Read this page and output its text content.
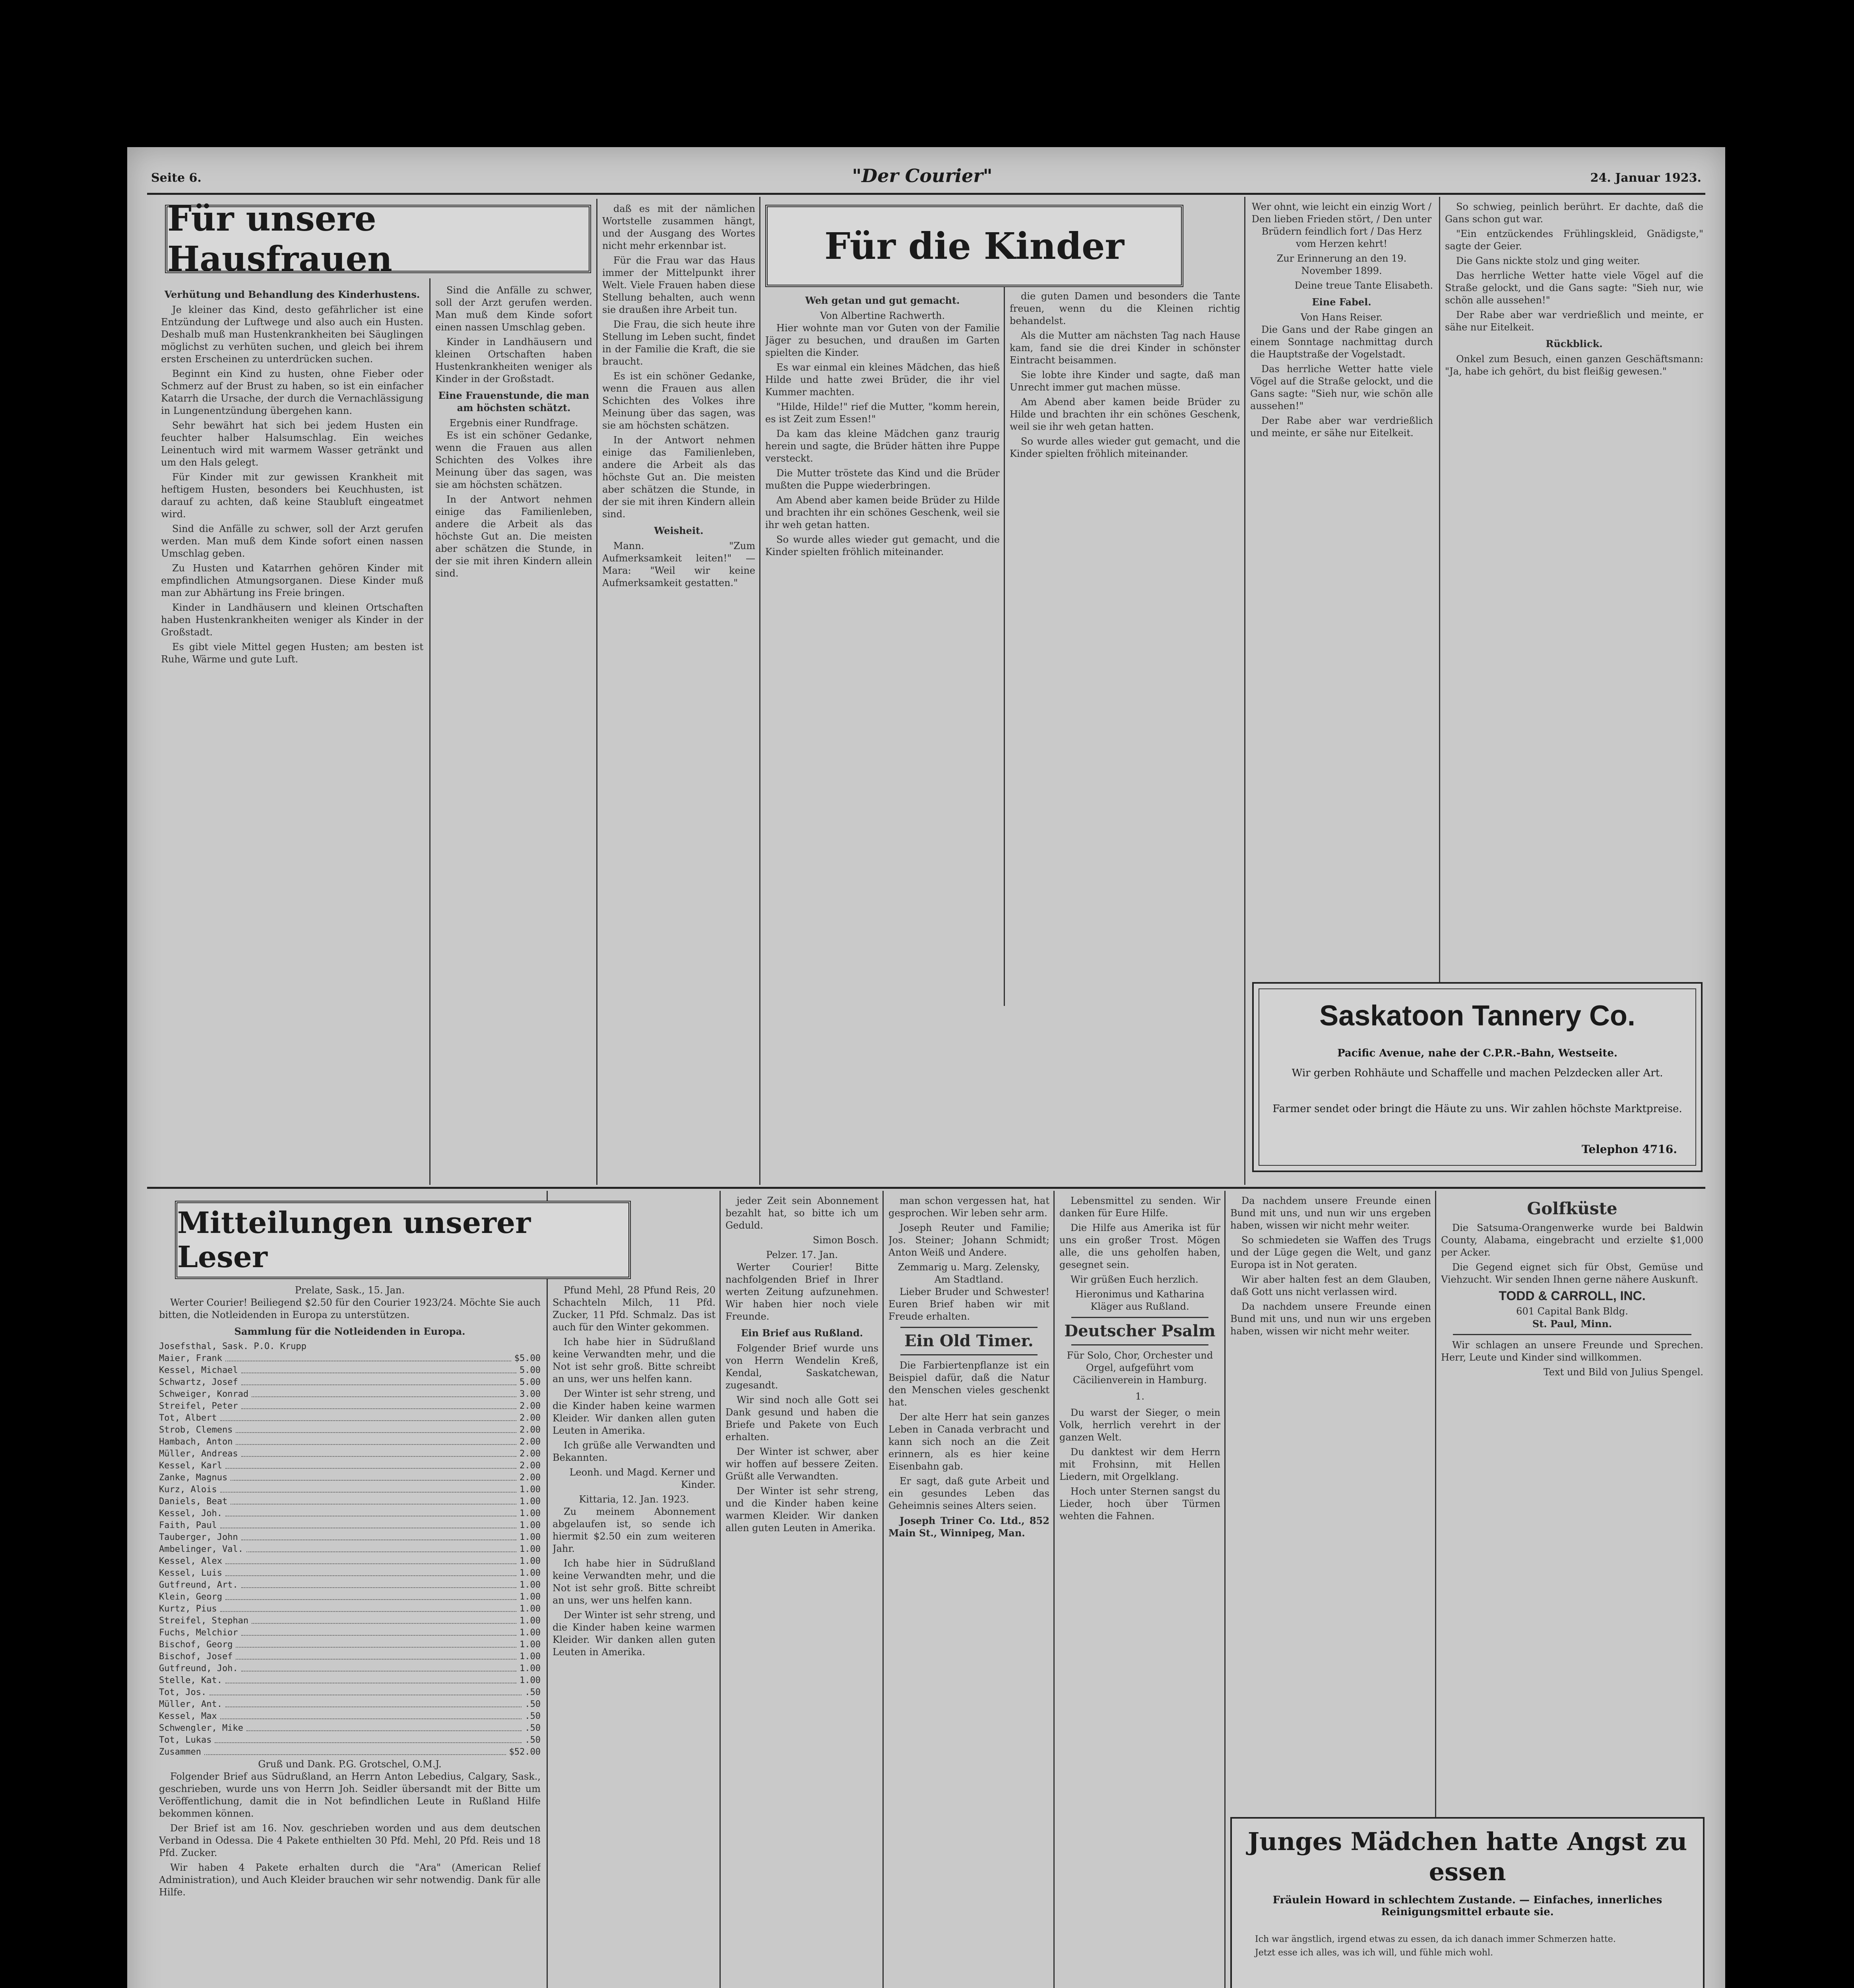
Seite 6.	"Der Courier"	24. Januar 1923.
Für unsere Hausfrauen
Verhütung und Behandlung des Kinderhustens.

Je kleiner das Kind, desto gefährlicher ist eine Entzündung der Luftwege und also auch ein Husten. Deshalb muß man Hustenkrankheiten bei Säuglingen möglichst zu verhüten suchen, und gleich bei ihrem ersten Erscheinen zu unterdrücken suchen.

Beginnt ein Kind zu husten, ohne Fieber oder Schmerz auf der Brust zu haben, so ist ein einfacher Katarrh die Ursache, der durch die Vernachlässigung in Lungenentzündung übergehen kann.

Sehr bewährt hat sich bei jedem Husten ein feuchter halber Halsumschlag. Ein weiches Leinentuch wird mit warmem Wasser getränkt und um den Hals gelegt.

Für Kinder mit zur gewissen Krankheit mit heftigem Husten, besonders bei Keuchhusten, ist darauf zu achten, daß keine Staubluft eingeatmet wird.

Sind die Anfälle zu schwer, soll der Arzt gerufen werden. Man muß dem Kinde sofort einen nassen Umschlag geben.

Zu Husten und Katarrhen gehören Kinder mit empfindlichen Atmungsorganen. Diese Kinder muß man zur Abhärtung ins Freie bringen.

Kinder in Landhäusern und kleinen Ortschaften haben Hustenkrankheiten weniger als Kinder in der Großstadt.

Es gibt viele Mittel gegen Husten; am besten ist Ruhe, Wärme und gute Luft.

Sind die Anfälle zu schwer, soll der Arzt gerufen werden. Man muß dem Kinde sofort einen nassen Umschlag geben.

Kinder in Landhäusern und kleinen Ortschaften haben Hustenkrankheiten weniger als Kinder in der Großstadt.

Eine Frauenstunde, die man am höchsten schätzt.
Ergebnis einer Rundfrage.

Es ist ein schöner Gedanke, wenn die Frauen aus allen Schichten des Volkes ihre Meinung über das sagen, was sie am höchsten schätzen.

In der Antwort nehmen einige das Familienleben, andere die Arbeit als das höchste Gut an. Die meisten aber schätzen die Stunde, in der sie mit ihren Kindern allein sind.

daß es mit der nämlichen Wortstelle zusammen hängt, und der Ausgang des Wortes nicht mehr erkennbar ist.

Für die Frau war das Haus immer der Mittelpunkt ihrer Welt. Viele Frauen haben diese Stellung behalten, auch wenn sie draußen ihre Arbeit tun.

Die Frau, die sich heute ihre Stellung im Leben sucht, findet in der Familie die Kraft, die sie braucht.

Es ist ein schöner Gedanke, wenn die Frauen aus allen Schichten des Volkes ihre Meinung über das sagen, was sie am höchsten schätzen.

In der Antwort nehmen einige das Familienleben, andere die Arbeit als das höchste Gut an. Die meisten aber schätzen die Stunde, in der sie mit ihren Kindern allein sind.

Weisheit.

Mann. "Zum Aufmerksamkeit leiten!" — Mara: "Weil wir keine Aufmerksamkeit gestatten."

Für die Kinder
Weh getan und gut gemacht.
Von Albertine Rachwerth.

Hier wohnte man vor Guten von der Familie Jäger zu besuchen, und draußen im Garten spielten die Kinder.

Es war einmal ein kleines Mädchen, das hieß Hilde und hatte zwei Brüder, die ihr viel Kummer machten.

"Hilde, Hilde!" rief die Mutter, "komm herein, es ist Zeit zum Essen!"

Da kam das kleine Mädchen ganz traurig herein und sagte, die Brüder hätten ihre Puppe versteckt.

Die Mutter tröstete das Kind und die Brüder mußten die Puppe wiederbringen.

Am Abend aber kamen beide Brüder zu Hilde und brachten ihr ein schönes Geschenk, weil sie ihr weh getan hatten.

So wurde alles wieder gut gemacht, und die Kinder spielten fröhlich miteinander.

die guten Damen und besonders die Tante freuen, wenn du die Kleinen richtig behandelst.

Als die Mutter am nächsten Tag nach Hause kam, fand sie die drei Kinder in schönster Eintracht beisammen.

Sie lobte ihre Kinder und sagte, daß man Unrecht immer gut machen müsse.

Am Abend aber kamen beide Brüder zu Hilde und brachten ihr ein schönes Geschenk, weil sie ihr weh getan hatten.

So wurde alles wieder gut gemacht, und die Kinder spielten fröhlich miteinander.

Wer ohnt, wie leicht ein einzig Wort / Den lieben Frieden stört, / Den unter Brüdern feindlich fort / Das Herz vom Herzen kehrt!

Zur Erinnerung an den 19. November 1899.

Deine treue Tante Elisabeth.

Eine Fabel.
Von Hans Reiser.

Die Gans und der Rabe gingen an einem Sonntage nachmittag durch die Hauptstraße der Vogelstadt.

Das herrliche Wetter hatte viele Vögel auf die Straße gelockt, und die Gans sagte: "Sieh nur, wie schön alle aussehen!"

Der Rabe aber war verdrießlich und meinte, er sähe nur Eitelkeit.

So schwieg, peinlich berührt. Er dachte, daß die Gans schon gut war.

"Ein entzückendes Frühlingskleid, Gnädigste," sagte der Geier.

Die Gans nickte stolz und ging weiter.

Das herrliche Wetter hatte viele Vögel auf die Straße gelockt, und die Gans sagte: "Sieh nur, wie schön alle aussehen!"

Der Rabe aber war verdrießlich und meinte, er sähe nur Eitelkeit.

Rückblick.

Onkel zum Besuch, einen ganzen Geschäftsmann: "Ja, habe ich gehört, du bist fleißig gewesen."

Saskatoon Tannery Co.
Pacific Avenue, nahe der C.P.R.-Bahn, Westseite.
Wir gerben Rohhäute und Schaffelle und machen Pelzdecken aller Art.
Farmer sendet oder bringt die Häute zu uns. Wir zahlen höchste Marktpreise.
Telephon 4716.
Mitteilungen unserer Leser
Prelate, Sask., 15. Jan.

Werter Courier! Beiliegend $2.50 für den Courier 1923/24. Möchte Sie auch bitten, die Notleidenden in Europa zu unterstützen.

Sammlung für die Notleidenden in Europa.
Josefsthal, Sask. P.O. Krupp
Maier, Frank	$5.00
Kessel, Michael	5.00
Schwartz, Josef	5.00
Schweiger, Konrad	3.00
Streifel, Peter	2.00
Tot, Albert	2.00
Strob, Clemens	2.00
Hambach, Anton	2.00
Müller, Andreas	2.00
Kessel, Karl	2.00
Zanke, Magnus	2.00
Kurz, Alois	1.00
Daniels, Beat	1.00
Kessel, Joh.	1.00
Faith, Paul	1.00
Tauberger, John	1.00
Ambelinger, Val.	1.00
Kessel, Alex	1.00
Kessel, Luis	1.00
Gutfreund, Art.	1.00
Klein, Georg	1.00
Kurtz, Pius	1.00
Streifel, Stephan	1.00
Fuchs, Melchior	1.00
Bischof, Georg	1.00
Bischof, Josef	1.00
Gutfreund, Joh.	1.00
Stelle, Kat.	1.00
Tot, Jos.	.50
Müller, Ant.	.50
Kessel, Max	.50
Schwengler, Mike	.50
Tot, Lukas	.50
Zusammen	$52.00
Gruß und Dank. P.G. Grotschel, O.M.J.

Folgender Brief aus Südrußland, an Herrn Anton Lebedius, Calgary, Sask., geschrieben, wurde uns von Herrn Joh. Seidler übersandt mit der Bitte um Veröffentlichung, damit die in Not befindlichen Leute in Rußland Hilfe bekommen können.

Der Brief ist am 16. Nov. geschrieben worden und aus dem deutschen Verband in Odessa. Die 4 Pakete enthielten 30 Pfd. Mehl, 20 Pfd. Reis und 18 Pfd. Zucker.

Wir haben 4 Pakete erhalten durch die "Ara" (American Relief Administration), und Auch Kleider brauchen wir sehr notwendig. Dank für alle Hilfe.

Pfund Mehl, 28 Pfund Reis, 20 Schachteln Milch, 11 Pfd. Zucker, 11 Pfd. Schmalz. Das ist auch für den Winter gekommen.

Ich habe hier in Südrußland keine Verwandten mehr, und die Not ist sehr groß. Bitte schreibt an uns, wer uns helfen kann.

Der Winter ist sehr streng, und die Kinder haben keine warmen Kleider. Wir danken allen guten Leuten in Amerika.

Ich grüße alle Verwandten und Bekannten.

Leonh. und Magd. Kerner und Kinder.

Kittaria, 12. Jan. 1923.

Zu meinem Abonnement abgelaufen ist, so sende ich hiermit $2.50 ein zum weiteren Jahr.

Ich habe hier in Südrußland keine Verwandten mehr, und die Not ist sehr groß. Bitte schreibt an uns, wer uns helfen kann.

Der Winter ist sehr streng, und die Kinder haben keine warmen Kleider. Wir danken allen guten Leuten in Amerika.

jeder Zeit sein Abonnement bezahlt hat, so bitte ich um Geduld.

Simon Bosch.

Pelzer. 17. Jan.

Werter Courier! Bitte nachfolgenden Brief in Ihrer werten Zeitung aufzunehmen. Wir haben hier noch viele Freunde.

Ein Brief aus Rußland.

Folgender Brief wurde uns von Herrn Wendelin Kreß, Kendal, Saskatchewan, zugesandt.

Wir sind noch alle Gott sei Dank gesund und haben die Briefe und Pakete von Euch erhalten.

Der Winter ist schwer, aber wir hoffen auf bessere Zeiten. Grüßt alle Verwandten.

Der Winter ist sehr streng, und die Kinder haben keine warmen Kleider. Wir danken allen guten Leuten in Amerika.

man schon vergessen hat, hat gesprochen. Wir leben sehr arm.

Joseph Reuter und Familie; Jos. Steiner; Johann Schmidt; Anton Weiß und Andere.

Zemmarig u. Marg. Zelensky, Am Stadtland.

Lieber Bruder und Schwester! Euren Brief haben wir mit Freude erhalten.

Ein Old Timer.

Die Farbiertenpflanze ist ein Beispiel dafür, daß die Natur den Menschen vieles geschenkt hat.

Der alte Herr hat sein ganzes Leben in Canada verbracht und kann sich noch an die Zeit erinnern, als es hier keine Eisenbahn gab.

Er sagt, daß gute Arbeit und ein gesundes Leben das Geheimnis seines Alters seien.

Joseph Triner Co. Ltd., 852 Main St., Winnipeg, Man.

Lebensmittel zu senden. Wir danken für Eure Hilfe.

Die Hilfe aus Amerika ist für uns ein großer Trost. Mögen alle, die uns geholfen haben, gesegnet sein.

Wir grüßen Euch herzlich.

Hieronimus und Katharina Kläger aus Rußland.

Deutscher Psalm
Für Solo, Chor, Orchester und Orgel, aufgeführt vom Cäcilienverein in Hamburg.
1.

Du warst der Sieger, o mein Volk, herrlich verehrt in der ganzen Welt.

Du danktest wir dem Herrn mit Frohsinn, mit Hellen Liedern, mit Orgelklang.

Hoch unter Sternen sangst du Lieder, hoch über Türmen wehten die Fahnen.

Da nachdem unsere Freunde einen Bund mit uns, und nun wir uns ergeben haben, wissen wir nicht mehr weiter.

So schmiedeten sie Waffen des Trugs und der Lüge gegen die Welt, und ganz Europa ist in Not geraten.

Wir aber halten fest an dem Glauben, daß Gott uns nicht verlassen wird.

Da nachdem unsere Freunde einen Bund mit uns, und nun wir uns ergeben haben, wissen wir nicht mehr weiter.

Golfküste

Die Satsuma-Orangenwerke wurde bei Baldwin County, Alabama, eingebracht und erzielte $1,000 per Acker.

Die Gegend eignet sich für Obst, Gemüse und Viehzucht. Wir senden Ihnen gerne nähere Auskunft.

TODD & CARROLL, INC.
601 Capital Bank Bldg.
St. Paul, Minn.

Wir schlagen an unsere Freunde und Sprechen. Herr, Leute und Kinder sind willkommen.

Text und Bild von Julius Spengel.

Junges Mädchen hatte Angst zu essen
Fräulein Howard in schlechtem Zustande. — Einfaches, innerliches Reinigungsmittel erbaute sie.

Ich war ängstlich, irgend etwas zu essen, da ich danach immer Schmerzen hatte.

Jetzt esse ich alles, was ich will, und fühle mich wohl.
